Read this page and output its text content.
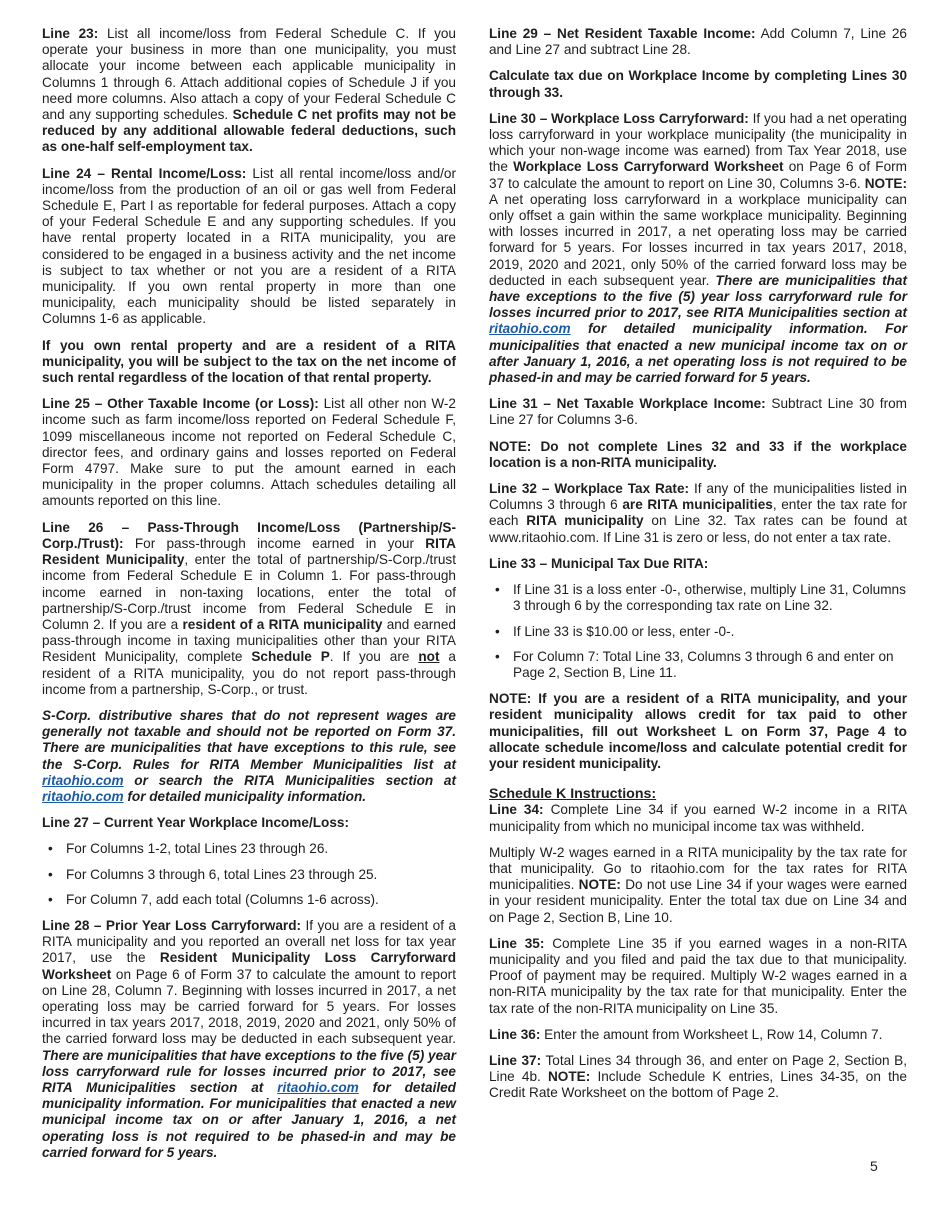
Line 23: List all income/loss from Federal Schedule C. If you operate your business in more than one municipality, you must allocate your income between each applicable municipality in Columns 1 through 6. Attach additional copies of Schedule J if you need more columns. Also attach a copy of your Federal Schedule C and any supporting schedules. Schedule C net profits may not be reduced by any additional allowable federal deductions, such as one-half self-employment tax.

Line 24 – Rental Income/Loss: List all rental income/loss and/or income/loss from the production of an oil or gas well from Federal Schedule E, Part I as reportable for federal purposes. Attach a copy of your Federal Schedule E and any supporting schedules. If you have rental property located in a RITA municipality, you are considered to be engaged in a business activity and the net income is subject to tax whether or not you are a resident of a RITA municipality. If you own rental property in more than one municipality, each municipality should be listed separately in Columns 1-6 as applicable.

If you own rental property and are a resident of a RITA municipality, you will be subject to the tax on the net income of such rental regardless of the location of that rental property.

Line 25 – Other Taxable Income (or Loss): List all other non W-2 income such as farm income/loss reported on Federal Schedule F, 1099 miscellaneous income not reported on Federal Schedule C, director fees, and ordinary gains and losses reported on Federal Form 4797. Make sure to put the amount earned in each municipality in the proper columns. Attach schedules detailing all amounts reported on this line.

Line 26 – Pass-Through Income/Loss (Partnership/S-Corp./Trust): For pass-through income earned in your RITA Resident Municipality, enter the total of partnership/S-Corp./trust income from Federal Schedule E in Column 1. For pass-through income earned in non-taxing locations, enter the total of partnership/S-Corp./trust income from Federal Schedule E in Column 2. If you are a resident of a RITA municipality and earned pass-through income in taxing municipalities other than your RITA Resident Municipality, complete Schedule P. If you are not a resident of a RITA municipality, you do not report pass-through income from a partnership, S-Corp., or trust.

S-Corp. distributive shares that do not represent wages are generally not taxable and should not be reported on Form 37. There are municipalities that have exceptions to this rule, see the S-Corp. Rules for RITA Member Municipalities list at ritaohio.com or search the RITA Municipalities section at ritaohio.com for detailed municipality information.

Line 27 – Current Year Workplace Income/Loss:

• For Columns 1-2, total Lines 23 through 26.
• For Columns 3 through 6, total Lines 23 through 25.
• For Column 7, add each total (Columns 1-6 across).

Line 28 – Prior Year Loss Carryforward: If you are a resident of a RITA municipality and you reported an overall net loss for tax year 2017, use the Resident Municipality Loss Carryforward Worksheet on Page 6 of Form 37 to calculate the amount to report on Line 28, Column 7. Beginning with losses incurred in 2017, a net operating loss may be carried forward for 5 years. For losses incurred in tax years 2017, 2018, 2019, 2020 and 2021, only 50% of the carried forward loss may be deducted in each subsequent year. There are municipalities that have exceptions to the five (5) year loss carryforward rule for losses incurred prior to 2017, see RITA Municipalities section at ritaohio.com for detailed municipality information. For municipalities that enacted a new municipal income tax on or after January 1, 2016, a net operating loss is not required to be phased-in and may be carried forward for 5 years.

Line 29 – Net Resident Taxable Income: Add Column 7, Line 26 and Line 27 and subtract Line 28.

Calculate tax due on Workplace Income by completing Lines 30 through 33.

Line 30 – Workplace Loss Carryforward: If you had a net operating loss carryforward in your workplace municipality (the municipality in which your non-wage income was earned) from Tax Year 2018, use the Workplace Loss Carryforward Worksheet on Page 6 of Form 37 to calculate the amount to report on Line 30, Columns 3-6. NOTE: A net operating loss carryforward in a workplace municipality can only offset a gain within the same workplace municipality. Beginning with losses incurred in 2017, a net operating loss may be carried forward for 5 years. For losses incurred in tax years 2017, 2018, 2019, 2020 and 2021, only 50% of the carried forward loss may be deducted in each subsequent year. There are municipalities that have exceptions to the five (5) year loss carryforward rule for losses incurred prior to 2017, see RITA Municipalities section at ritaohio.com for detailed municipality information. For municipalities that enacted a new municipal income tax on or after January 1, 2016, a net operating loss is not required to be phased-in and may be carried forward for 5 years.

Line 31 – Net Taxable Workplace Income: Subtract Line 30 from Line 27 for Columns 3-6.

NOTE: Do not complete Lines 32 and 33 if the workplace location is a non-RITA municipality.

Line 32 – Workplace Tax Rate: If any of the municipalities listed in Columns 3 through 6 are RITA municipalities, enter the tax rate for each RITA municipality on Line 32. Tax rates can be found at www.ritaohio.com. If Line 31 is zero or less, do not enter a tax rate.

Line 33 – Municipal Tax Due RITA:

• If Line 31 is a loss enter -0-, otherwise, multiply Line 31, Columns 3 through 6 by the corresponding tax rate on Line 32.
• If Line 33 is $10.00 or less, enter -0-.
• For Column 7: Total Line 33, Columns 3 through 6 and enter on Page 2, Section B, Line 11.

NOTE: If you are a resident of a RITA municipality, and your resident municipality allows credit for tax paid to other municipalities, fill out Worksheet L on Form 37, Page 4 to allocate schedule income/loss and calculate potential credit for your resident municipality.

Schedule K Instructions:

Line 34: Complete Line 34 if you earned W-2 income in a RITA municipality from which no municipal income tax was withheld.

Multiply W-2 wages earned in a RITA municipality by the tax rate for that municipality. Go to ritaohio.com for the tax rates for RITA municipalities. NOTE: Do not use Line 34 if your wages were earned in your resident municipality. Enter the total tax due on Line 34 and on Page 2, Section B, Line 10.

Line 35: Complete Line 35 if you earned wages in a non-RITA municipality and you filed and paid the tax due to that municipality. Proof of payment may be required. Multiply W-2 wages earned in a non-RITA municipality by the tax rate for that municipality. Enter the tax rate of the non-RITA municipality on Line 35.

Line 36: Enter the amount from Worksheet L, Row 14, Column 7.

Line 37: Total Lines 34 through 36, and enter on Page 2, Section B, Line 4b. NOTE: Include Schedule K entries, Lines 34-35, on the Credit Rate Worksheet on the bottom of Page 2.

5
